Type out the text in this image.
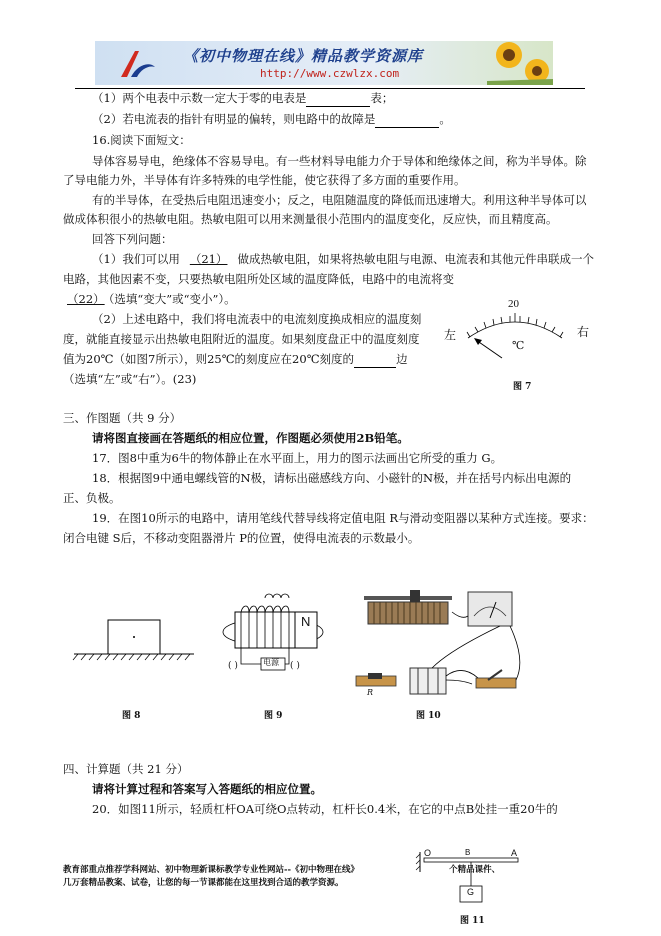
《初中物理在线》精品教学资源库
http://www.czwlzx.com
（1）两个电表中示数一定大于零的电表是	表；
（2）若电流表的指针有明显的偏转，则电路中的故障是	。
16.阅读下面短文：
导体容易导电，绝缘体不容易导电。有一些材料导电能力介于导体和绝缘体之间，称为半导体。除
了导电能力外，半导体有许多特殊的电学性能，使它获得了多方面的重要作用。
有的半导体，在受热后电阻迅速变小；反之，电阻随温度的降低而迅速增大。利用这种半导体可以
做成体积很小的热敏电阻。热敏电阻可以用来测量很小范围内的温度变化，反应快，而且精度高。
回答下列问题：
（1）我们可以用 （21） 做成热敏电阻，如果将热敏电阻与电源、电流表和其他元件串联成一个
电路，其他因素不变，只要热敏电阻所处区域的温度降低，电路中的电流将变
（22） （选填“变大”或“变小”）。
（2）上述电路中，我们将电流表中的电流刻度换成相应的温度刻
度，就能直接显示出热敏电阻附近的温度。如果刻度盘正中的温度刻度
值为20℃（如图7所示），则25℃的刻度应在20℃刻度的	边
（选填“左”或“右”）。(23)
20
左	右
℃
图 7
三、作图题（共 9 分）
请将图直接画在答题纸的相应位置，作图题必须使用2B铅笔。
17．图8中重为6牛的物体静止在水平面上，用力的图示法画出它所受的重力 G。
18．根据图9中通电螺线管的N极，请标出磁感线方向、小磁针的N极，并在括号内标出电源的
正、负极。
19．在图10所示的电路中，请用笔线代替导线将定值电阻 R与滑动变阻器以某种方式连接。要求：
闭合电键 S后，不移动变阻器滑片 P的位置，使得电流表的示数最小。
图 8
N
电源
( )	( )
图 9
R
图 10
四、计算题（共 21 分）
请将计算过程和答案写入答题纸的相应位置。
20．如图11所示，轻质杠杆OA可绕O点转动，杠杆长0.4米，在它的中点B处挂一重20牛的
O	B	A
G
图 11
教育部重点推荐学科网站、初中物理新课标教学专业性网站--《初中物理在线》	个精品课件、
几万套精品教案、试卷，让您的每一节课都能在这里找到合适的教学资源。
